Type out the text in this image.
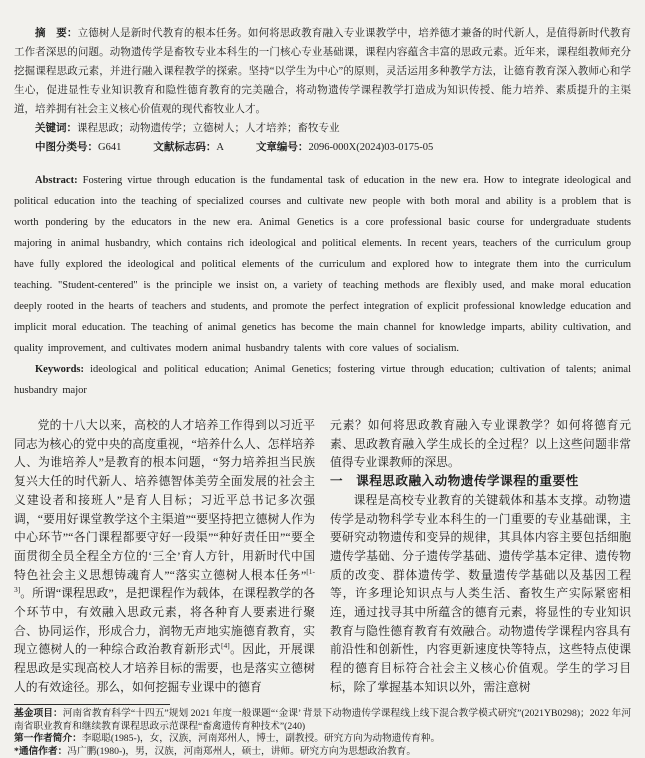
摘　要：立德树人是新时代教育的根本任务。如何将思政教育融入专业课教学中，培养德才兼备的时代新人，是值得新时代教育工作者深思的问题。动物遗传学是畜牧专业本科生的一门核心专业基础课，课程内容蕴含丰富的思政元素。近年来，课程组教师充分挖掘课程思政元素，并进行融入课程教学的探索。坚持“以学生为中心”的原则，灵活运用多种教学方法，让德育教育深入教师心和学生心，促进显性专业知识教育和隐性德育教育的完美融合，将动物遗传学课程教学打造成为知识传授、能力培养、素质提升的主渠道，培养拥有社会主义核心价值观的现代畜牧业人才。

关键词：课程思政；动物遗传学；立德树人；人才培养；畜牧专业

中图分类号：G641	文献标志码：A	文章编号：2096-000X(2024)03-0175-05

Abstract: Fostering virtue through education is the fundamental task of education in the new era. How to integrate ideological and political education into the teaching of specialized courses and cultivate new people with both moral and ability is a problem that is worth pondering by the educators in the new era. Animal Genetics is a core professional basic course for undergraduate students majoring in animal husbandry, which contains rich ideological and political elements. In recent years, teachers of the curriculum group have fully explored the ideological and political elements of the curriculum and explored how to integrate them into the curriculum teaching. "Student-centered" is the principle we insist on, a variety of teaching methods are flexibly used, and make moral education deeply rooted in the hearts of teachers and students, and promote the perfect integration of explicit professional knowledge education and implicit moral education. The teaching of animal genetics has become the main channel for knowledge imparts, ability cultivation, and quality improvement, and cultivates modern animal husbandry talents with core values of socialism.

Keywords: ideological and political education; Animal Genetics; fostering virtue through education; cultivation of talents; animal husbandry major

党的十八大以来，高校的人才培养工作得到以习近平同志为核心的党中央的高度重视，“培养什么人、怎样培养人、为谁培养人”是教育的根本问题，“努力培养担当民族复兴大任的时代新人、培养德智体美劳全面发展的社会主义建设者和接班人”是育人目标；习近平总书记多次强调，“要用好课堂教学这个主渠道”“要坚持把立德树人作为中心环节”“各门课程都要守好一段渠”“种好责任田”“要全面贯彻全员全程全方位的‘三全’育人方针，用新时代中国特色社会主义思想铸魂育人”“落实立德树人根本任务”[1-3]。所谓“课程思政”，是把课程作为载体，在课程教学的各个环节中，有效融入思政元素，将各种育人要素进行聚合、协同运作，形成合力，润物无声地实施德育教育，实现立德树人的一种综合政治教育新形式[4]。因此，开展课程思政是实现高校人才培养目标的需要，也是落实立德树人的有效途径。那么，如何挖掘专业课中的德育

元素？如何将思政教育融入专业课教学？如何将德育元素、思政教育融入学生成长的全过程？以上这些问题非常值得专业课教师的深思。

一 课程思政融入动物遗传学课程的重要性

课程是高校专业教育的关键载体和基本支撑。动物遗传学是动物科学专业本科生的一门重要的专业基础课，主要研究动物遗传和变异的规律，其具体内容主要包括细胞遗传学基础、分子遗传学基础、遗传学基本定律、遗传物质的改变、群体遗传学、数量遗传学基础以及基因工程等，许多理论知识点与人类生活、畜牧生产实际紧密相连，通过找寻其中所蕴含的德育元素，将显性的专业知识教育与隐性德育教育有效融合。动物遗传学课程内容具有前沿性和创新性，内容更新速度快等特点，这些特点使课程的德育目标符合社会主义核心价值观。学生的学习目标，除了掌握基本知识以外，需注意树

基金项目：河南省教育科学“十四五”规划 2021 年度一般课题“‘金课’ 背景下动物遗传学课程线上线下混合教学模式研究”(2021YB0298)；2022 年河南省职业教育和继续教育课程思政示范课程“畜禽遗传育种技术”(240)

第一作者简介：李聪聪(1985-)，女，汉族，河南郑州人，博士，副教授。研究方向为动物遗传育种。

*通信作者：冯广鹏(1980-)，男，汉族，河南郑州人，硕士，讲师。研究方向为思想政治教育。
